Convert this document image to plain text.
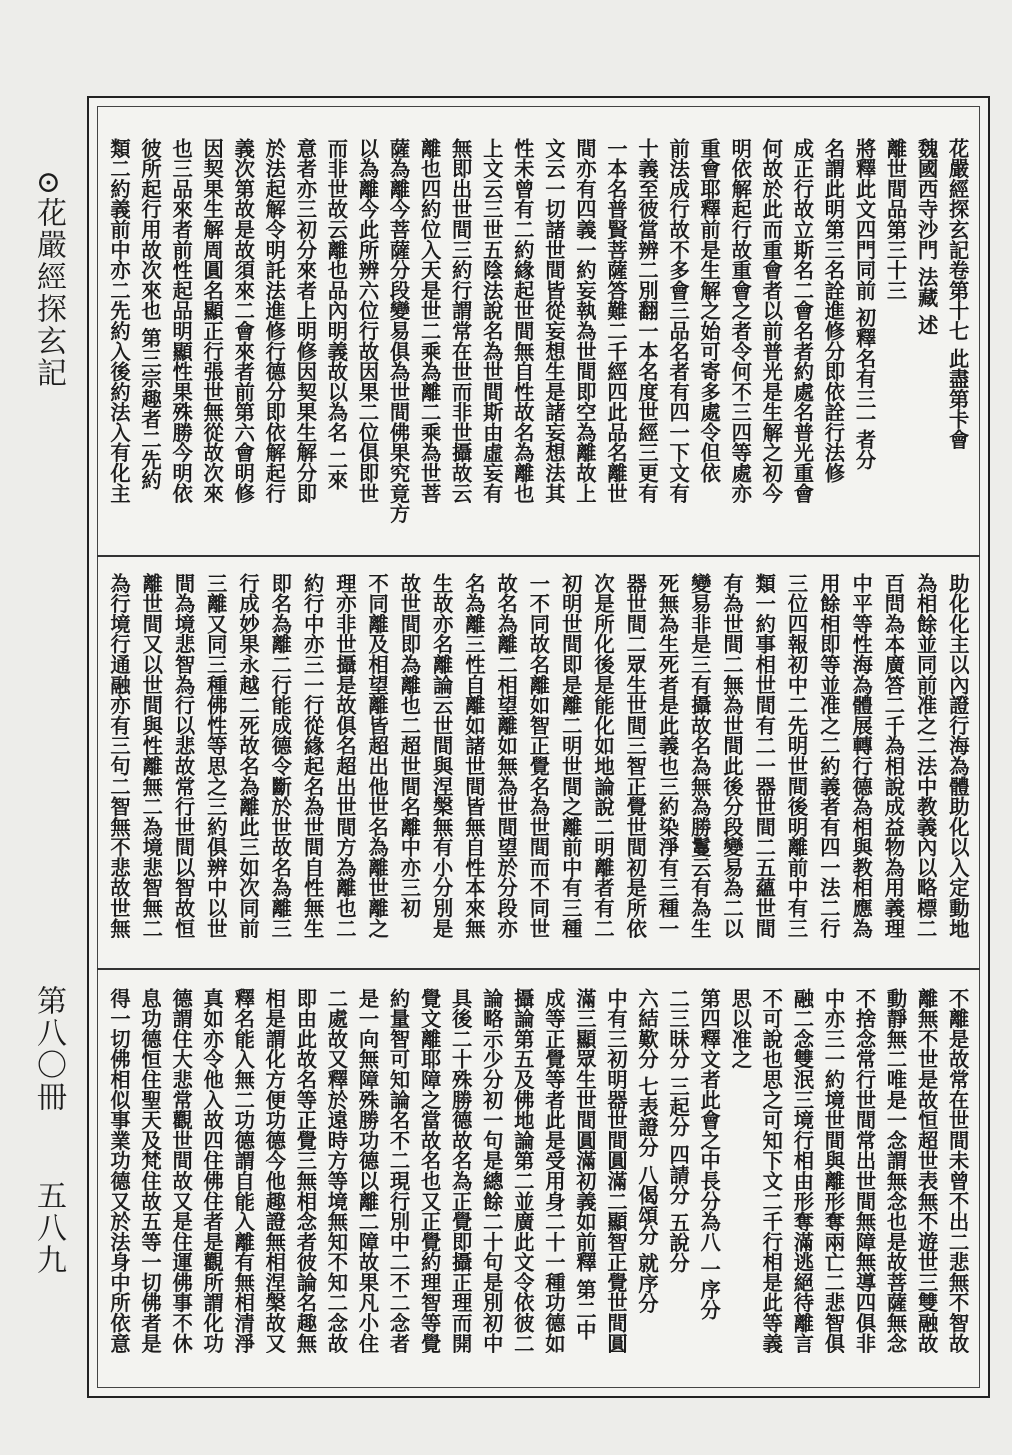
⊙花嚴經探玄記
第八〇冊
五八九
花嚴經探玄記卷第十七 此盡第卡會
魏國西寺沙門 法藏 述
離世間品第三十三
將釋此文四門同前 初釋名有三一者分
名謂此明第三名詮進修分即依詮行法修
成正行故立斯名二會名者約處名普光重會
何故於此而重會者以前普光是生解之初今
明依解起行故重會之者令何不三四等處亦
重會耶釋前是生解之始可寄多處令但依
前法成行故不多會三品名者有四一下文有
十義至彼當辨二別翻一本名度世經三更有
一本名普賢菩薩答難二千經四此品名離世
間亦有四義一約妄執為世間即空為離故上
文云一切諸世間皆從妄想生是諸妄想法其
性未曾有二約緣起世間無自性故名為離也
上文云三世五陰法說名為世間斯由虛妄有
無即出世間三約行謂常在世而非世攝故云
離也四約位入天是世二乘為離二乘為世菩
薩為離今菩薩分段變易俱為世間佛果究竟方
以為離今此所辨六位行故因果二位俱即世
而非世故云離也品內明義故以為名 二來
意者亦三初分來者上明修因契果生解分即
於法起解令明託法進修行德分即依解起行
義次第故是故須來二會來者前第六會明修
因契果生解周圓名顯正行張世無從故次來
也三品來者前性起品明顯性果殊勝今明依
彼所起行用故次來也 第三宗趣者二先約
類二約義前中亦二先約入後約法入有化主
助化化主以內證行海為體助化以入定動地
為相餘並同前准之二法中教義內以略標二
百問為本廣答二千為相說成益物為用義理
中平等性海為體展轉行德為相與教相應為
用餘相即等並准之二約義者有四一法二行
三位四報初中二先明世間後明離前中有三
類一約事相世間有二一器世間二五蘊世間
有為世間二無為世間此後分段變易為二以
變易非是三有攝故名為無為勝鬘云有為生
死無為生死者是此義也三約染淨有三種一
器世間二眾生世間三智正覺世間初是所依
次是所化後是能化如地論說二明離者有二
初明世間即是離二明世間之離前中有三種
一不同故名離如智正覺名為世間而不同世
故名為離二相望離如無為世間望於分段亦
名為離三性自離如諸世間皆無自性本來無
生故亦名離論云世間與涅槃無有小分別是
故世間即為離也二超世間名離中亦三初
不同離及相望離皆超出他世名為離世離之
理亦非世攝是故俱名超出世間方為離也二
約行中亦三一行從緣起名為世間自性無生
即名為離二行能成德令斷於世故名為離三
行成妙果永越二死故名為離此三如次同前
三離又同三種佛性等思之三約俱辨中以世
間為境悲智為行以悲故常行世間以智故恒
離世間又以世間與性離無二為境悲智無二
為行境行通融亦有三句二智無不悲故世無
不離是故常在世間未曾不出二悲無不智故
離無不世是故恒超世表無不遊世三雙融故
動靜無二唯是一念謂無念也是故菩薩無念
不捨念常行世間常出世間無障無導四俱非
中亦三一約境世間與離形奪兩亡二悲智俱
融二念雙泯三境行相由形奪滿逃絕待離言
不可說也思之可知下文二千行相是此等義
思以准之
第四釋文者此會之中長分為八 一序分
二三昧分 三起分 四請分 五說分
六結歎分 七表證分 八偈頌分 就序分
中有三初明器世間圓滿二顯智正覺世間圓
滿三顯眾生世間圓滿初義如前釋 第二中
成等正覺等者此是受用身二十一種功德如
攝論第五及佛地論第二並廣此文令依彼二
論略示少分初一句是總餘二十句是別初中
具後二十殊勝德故名為正覺即攝正理而開
覺文離耶障之當故名也又正覺約理智等覺
約量智可知論名不二現行別中二不二念者
是一向無障殊勝功德以離二障故果凡小住
二處故又釋於遠時方等境無知不知二念故
即由此故名等正覺三無相念者彼論名趣無
相是謂化方便功德今他趣證無相涅槃故又
釋名能入無二功德謂自能入離有無相清淨
真如亦令他入故四住佛住者是觀所謂化功
德謂住大悲常觀世間故又是住運佛事不休
息功德恒住聖天及梵住故五等一切佛者是
得一切佛相似事業功德又於法身中所依意
